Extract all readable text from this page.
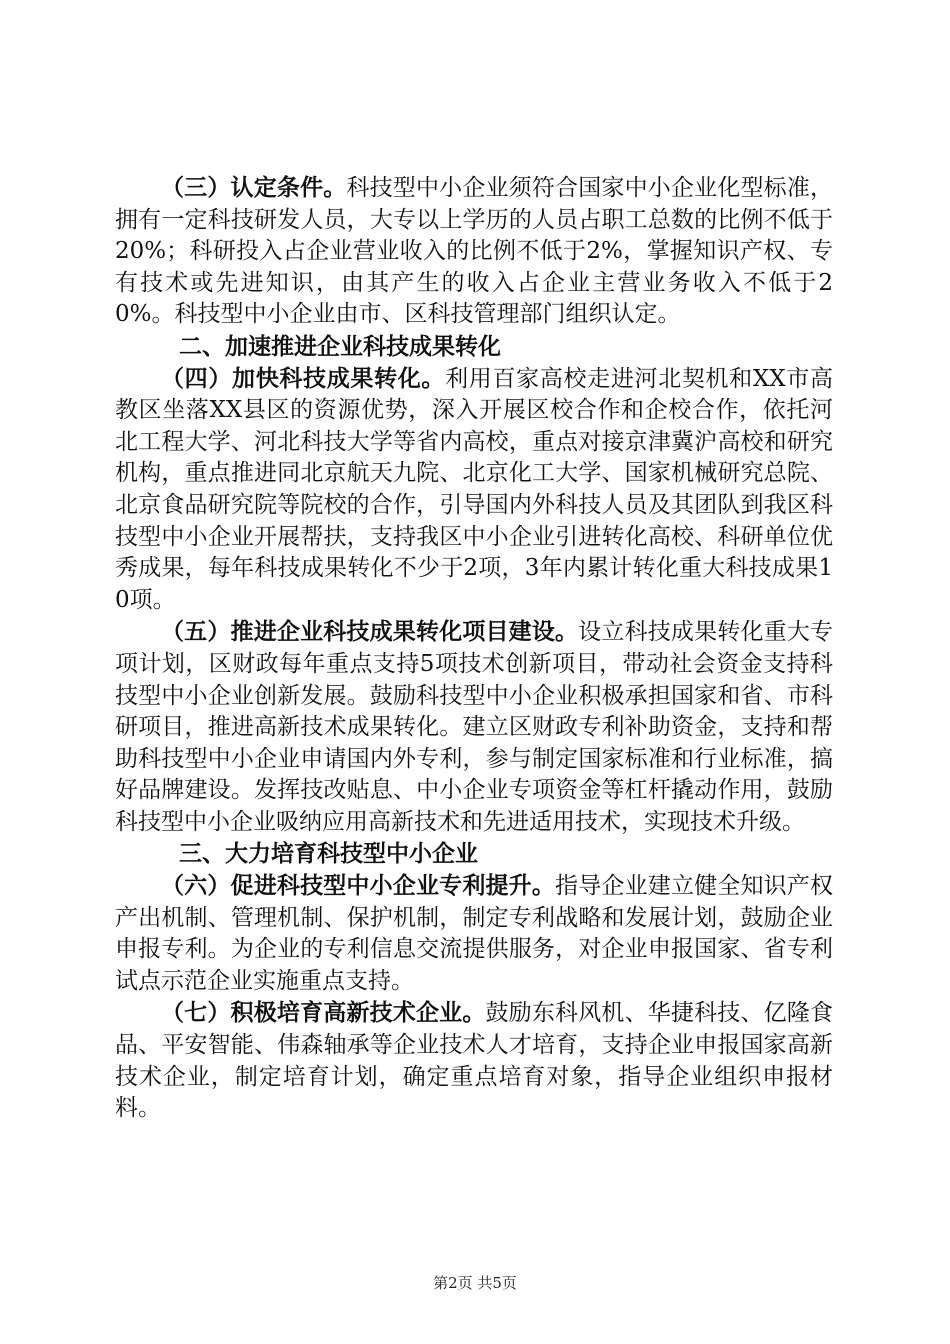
（三）认定条件。科技型中小企业须符合国家中小企业化型标准，拥有一定科技研发人员，大专以上学历的人员占职工总数的比例不低于20%；科研投入占企业营业收入的比例不低于2%，掌握知识产权、专有技术或先进知识，由其产生的收入占企业主营业务收入不低于20%。科技型中小企业由市、区科技管理部门组织认定。

二、加速推进企业科技成果转化

（四）加快科技成果转化。利用百家高校走进河北契机和XX市高教区坐落XX县区的资源优势，深入开展区校合作和企校合作，依托河北工程大学、河北科技大学等省内高校，重点对接京津冀沪高校和研究机构，重点推进同北京航天九院、北京化工大学、国家机械研究总院、北京食品研究院等院校的合作，引导国内外科技人员及其团队到我区科技型中小企业开展帮扶，支持我区中小企业引进转化高校、科研单位优秀成果，每年科技成果转化不少于2项，3年内累计转化重大科技成果10项。

（五）推进企业科技成果转化项目建设。设立科技成果转化重大专项计划，区财政每年重点支持5项技术创新项目，带动社会资金支持科技型中小企业创新发展。鼓励科技型中小企业积极承担国家和省、市科研项目，推进高新技术成果转化。建立区财政专利补助资金，支持和帮助科技型中小企业申请国内外专利，参与制定国家标准和行业标准，搞好品牌建设。发挥技改贴息、中小企业专项资金等杠杆撬动作用，鼓励科技型中小企业吸纳应用高新技术和先进适用技术，实现技术升级。

三、大力培育科技型中小企业

（六）促进科技型中小企业专利提升。指导企业建立健全知识产权产出机制、管理机制、保护机制，制定专利战略和发展计划，鼓励企业申报专利。为企业的专利信息交流提供服务，对企业申报国家、省专利试点示范企业实施重点支持。

（七）积极培育高新技术企业。鼓励东科风机、华捷科技、亿隆食品、平安智能、伟森轴承等企业技术人才培育，支持企业申报国家高新技术企业，制定培育计划，确定重点培育对象，指导企业组织申报材料。

第2页 共5页
